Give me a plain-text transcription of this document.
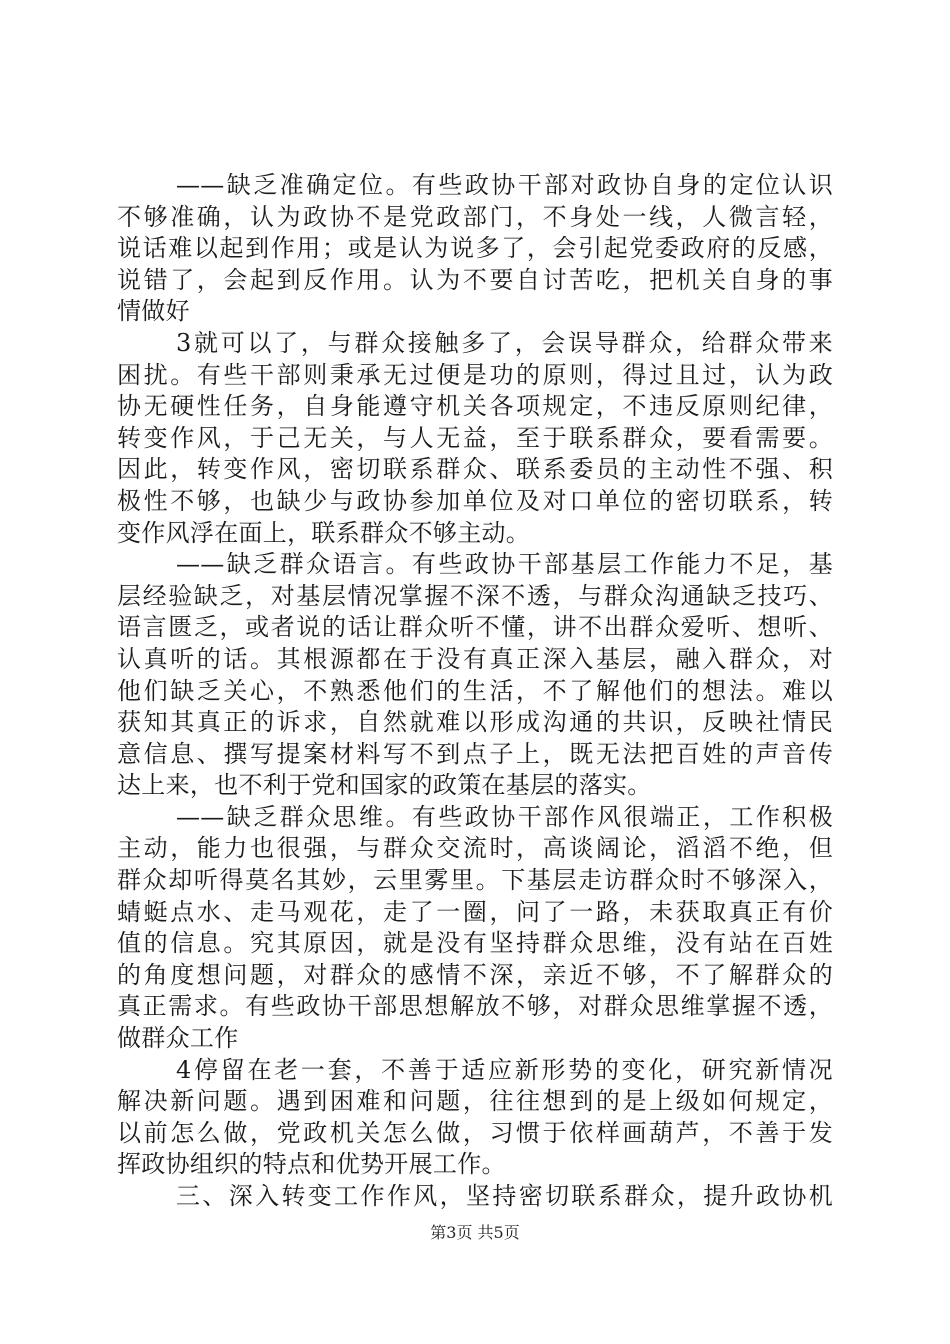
——缺乏准确定位。有些政协干部对政协自身的定位认识
不够准确，认为政协不是党政部门，不身处一线，人微言轻，
说话难以起到作用；或是认为说多了，会引起党委政府的反感，
说错了，会起到反作用。认为不要自讨苦吃，把机关自身的事
情做好
3就可以了，与群众接触多了，会误导群众，给群众带来
困扰。有些干部则秉承无过便是功的原则，得过且过，认为政
协无硬性任务，自身能遵守机关各项规定，不违反原则纪律，
转变作风，于己无关，与人无益，至于联系群众，要看需要。
因此，转变作风，密切联系群众、联系委员的主动性不强、积
极性不够，也缺少与政协参加单位及对口单位的密切联系，转
变作风浮在面上，联系群众不够主动。
——缺乏群众语言。有些政协干部基层工作能力不足，基
层经验缺乏，对基层情况掌握不深不透，与群众沟通缺乏技巧、
语言匮乏，或者说的话让群众听不懂，讲不出群众爱听、想听、
认真听的话。其根源都在于没有真正深入基层，融入群众，对
他们缺乏关心，不熟悉他们的生活，不了解他们的想法。难以
获知其真正的诉求，自然就难以形成沟通的共识，反映社情民
意信息、撰写提案材料写不到点子上，既无法把百姓的声音传
达上来，也不利于党和国家的政策在基层的落实。
——缺乏群众思维。有些政协干部作风很端正，工作积极
主动，能力也很强，与群众交流时，高谈阔论，滔滔不绝，但
群众却听得莫名其妙，云里雾里。下基层走访群众时不够深入，
蜻蜓点水、走马观花，走了一圈，问了一路，未获取真正有价
值的信息。究其原因，就是没有坚持群众思维，没有站在百姓
的角度想问题，对群众的感情不深，亲近不够，不了解群众的
真正需求。有些政协干部思想解放不够，对群众思维掌握不透，
做群众工作
4停留在老一套，不善于适应新形势的变化，研究新情况
解决新问题。遇到困难和问题，往往想到的是上级如何规定，
以前怎么做，党政机关怎么做，习惯于依样画葫芦，不善于发
挥政协组织的特点和优势开展工作。
三、深入转变工作作风，坚持密切联系群众，提升政协机
第3页 共5页
